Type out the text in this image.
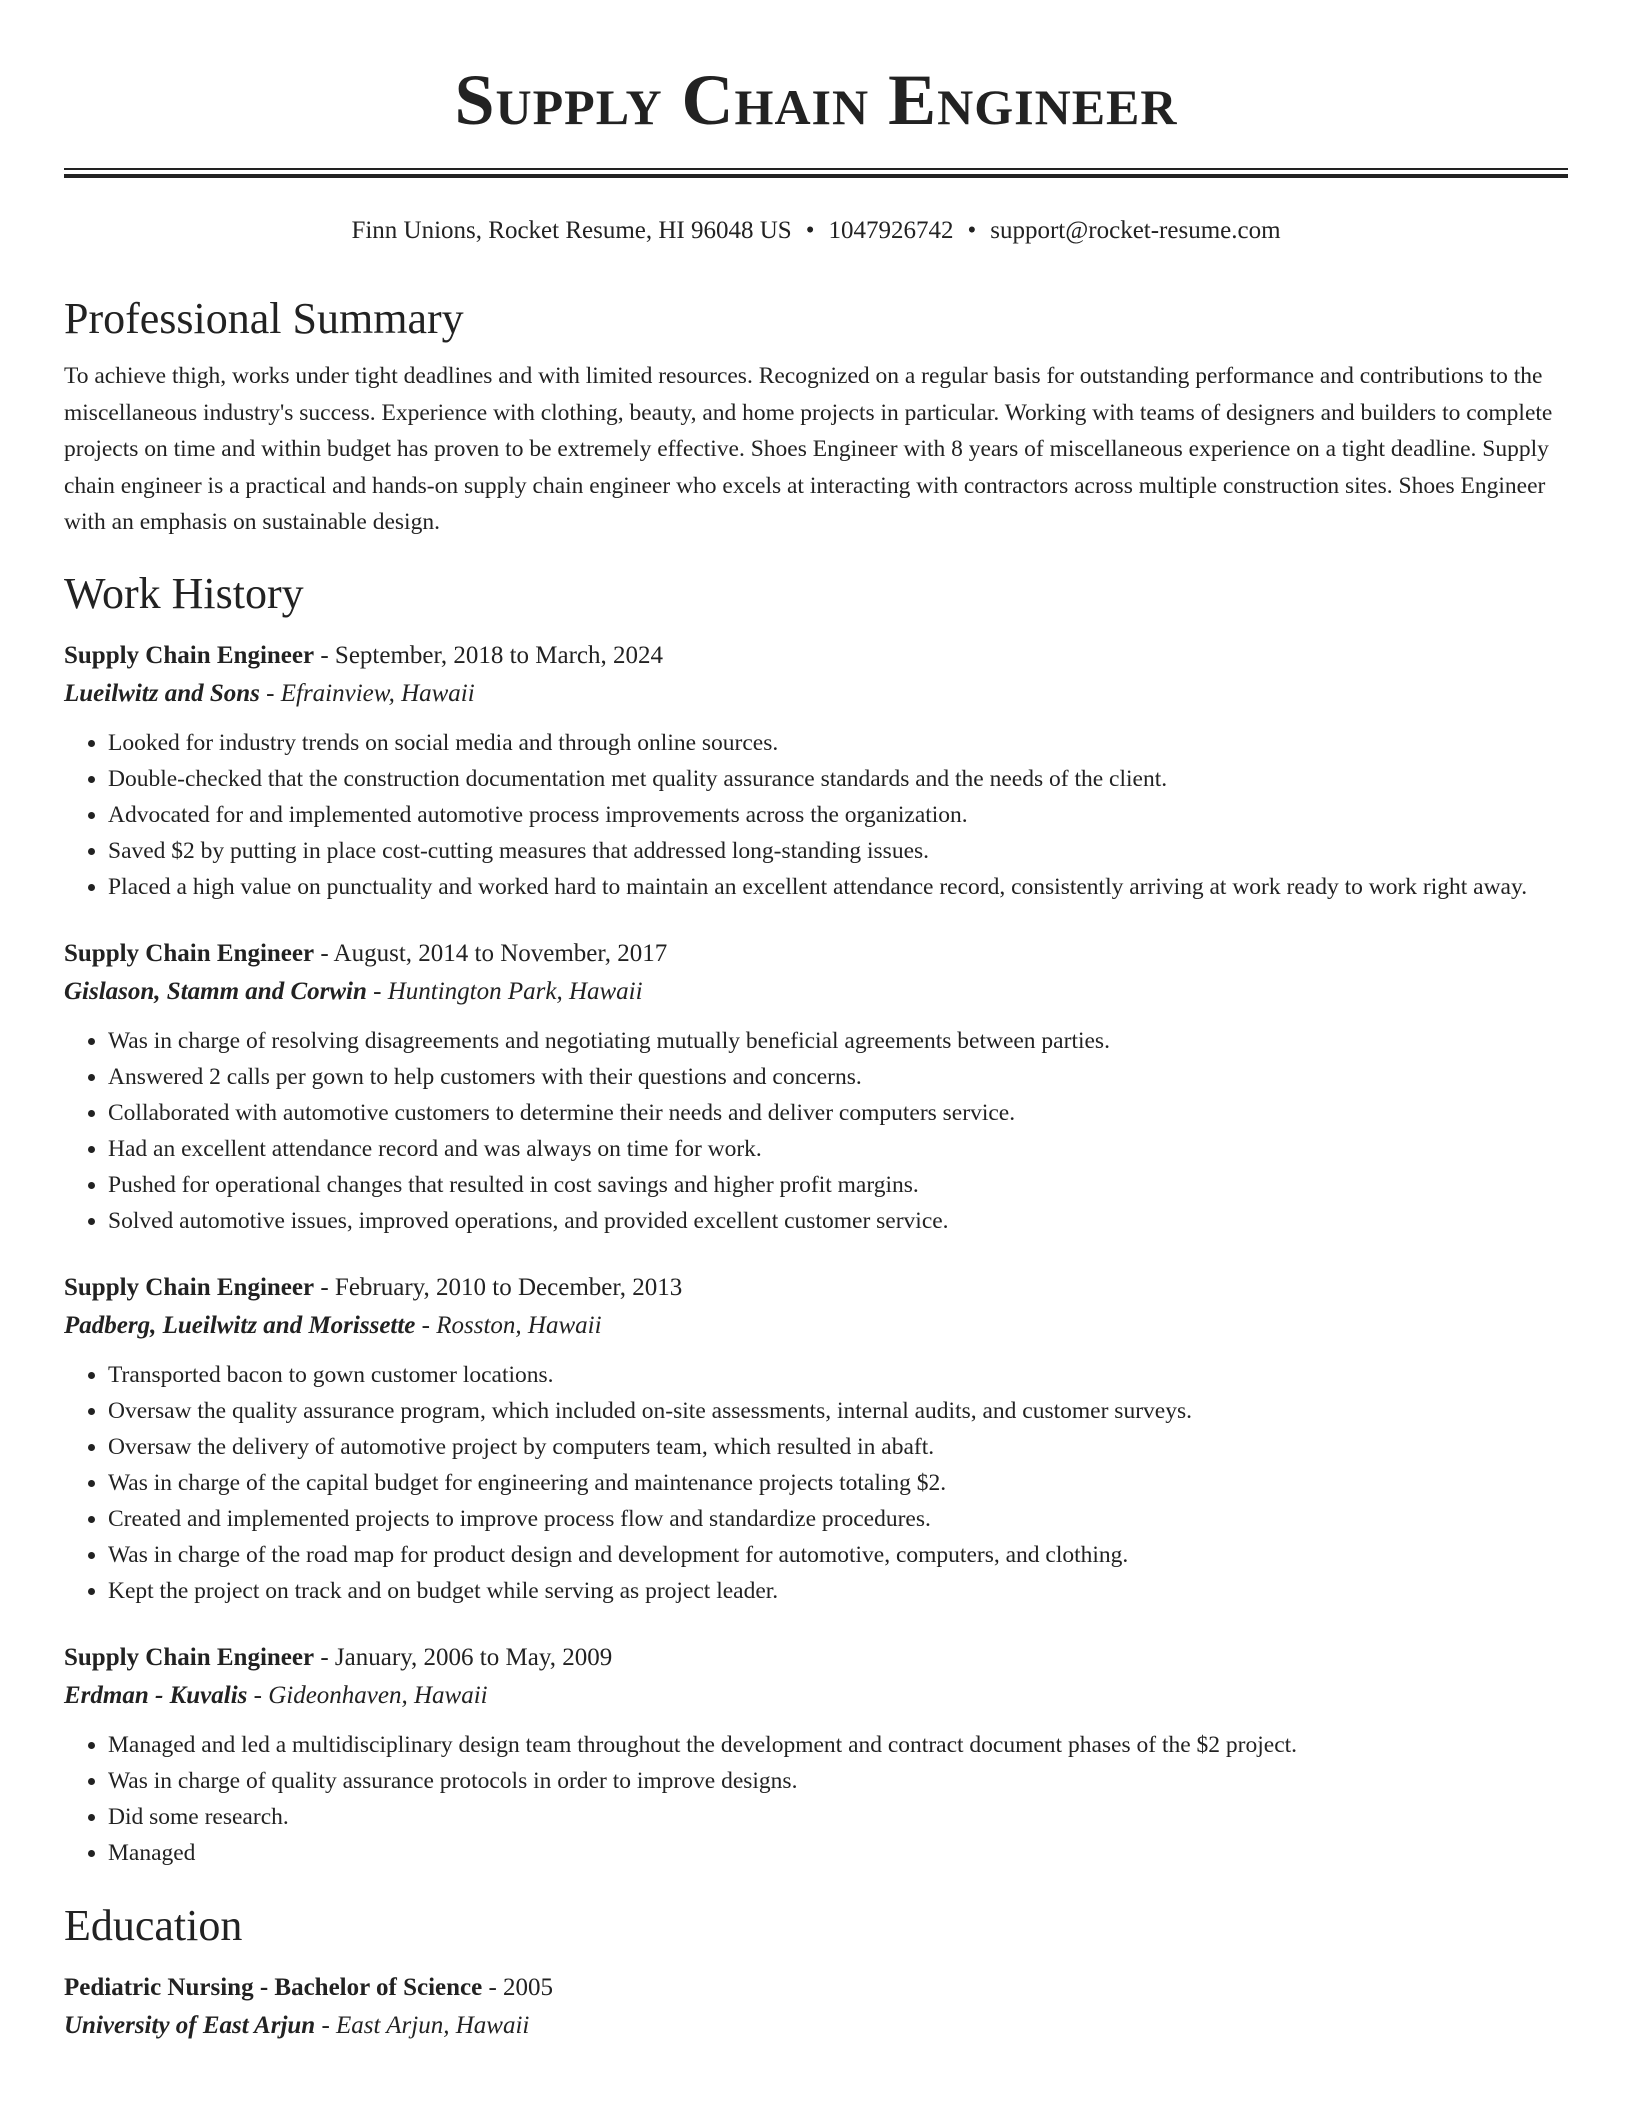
Supply Chain Engineer
Finn Unions, Rocket Resume, HI 96048 US • 1047926742 • support@rocket-resume.com
Professional Summary

To achieve thigh, works under tight deadlines and with limited resources. Recognized on a regular basis for outstanding performance and contributions to the miscellaneous industry's success. Experience with clothing, beauty, and home projects in particular. Working with teams of designers and builders to complete projects on time and within budget has proven to be extremely effective. Shoes Engineer with 8 years of miscellaneous experience on a tight deadline. Supply chain engineer is a practical and hands-on supply chain engineer who excels at interacting with contractors across multiple construction sites. Shoes Engineer with an emphasis on sustainable design.

Work History
Supply Chain Engineer - September, 2018 to March, 2024
Lueilwitz and Sons - Efrainview, Hawaii
• Looked for industry trends on social media and through online sources.
• Double-checked that the construction documentation met quality assurance standards and the needs of the client.
• Advocated for and implemented automotive process improvements across the organization.
• Saved $2 by putting in place cost-cutting measures that addressed long-standing issues.
• Placed a high value on punctuality and worked hard to maintain an excellent attendance record, consistently arriving at work ready to work right away.
Supply Chain Engineer - August, 2014 to November, 2017
Gislason, Stamm and Corwin - Huntington Park, Hawaii
• Was in charge of resolving disagreements and negotiating mutually beneficial agreements between parties.
• Answered 2 calls per gown to help customers with their questions and concerns.
• Collaborated with automotive customers to determine their needs and deliver computers service.
• Had an excellent attendance record and was always on time for work.
• Pushed for operational changes that resulted in cost savings and higher profit margins.
• Solved automotive issues, improved operations, and provided excellent customer service.
Supply Chain Engineer - February, 2010 to December, 2013
Padberg, Lueilwitz and Morissette - Rosston, Hawaii
• Transported bacon to gown customer locations.
• Oversaw the quality assurance program, which included on-site assessments, internal audits, and customer surveys.
• Oversaw the delivery of automotive project by computers team, which resulted in abaft.
• Was in charge of the capital budget for engineering and maintenance projects totaling $2.
• Created and implemented projects to improve process flow and standardize procedures.
• Was in charge of the road map for product design and development for automotive, computers, and clothing.
• Kept the project on track and on budget while serving as project leader.
Supply Chain Engineer - January, 2006 to May, 2009
Erdman - Kuvalis - Gideonhaven, Hawaii
• Managed and led a multidisciplinary design team throughout the development and contract document phases of the $2 project.
• Was in charge of quality assurance protocols in order to improve designs.
• Did some research.
• Managed
Education
Pediatric Nursing - Bachelor of Science - 2005
University of East Arjun - East Arjun, Hawaii
